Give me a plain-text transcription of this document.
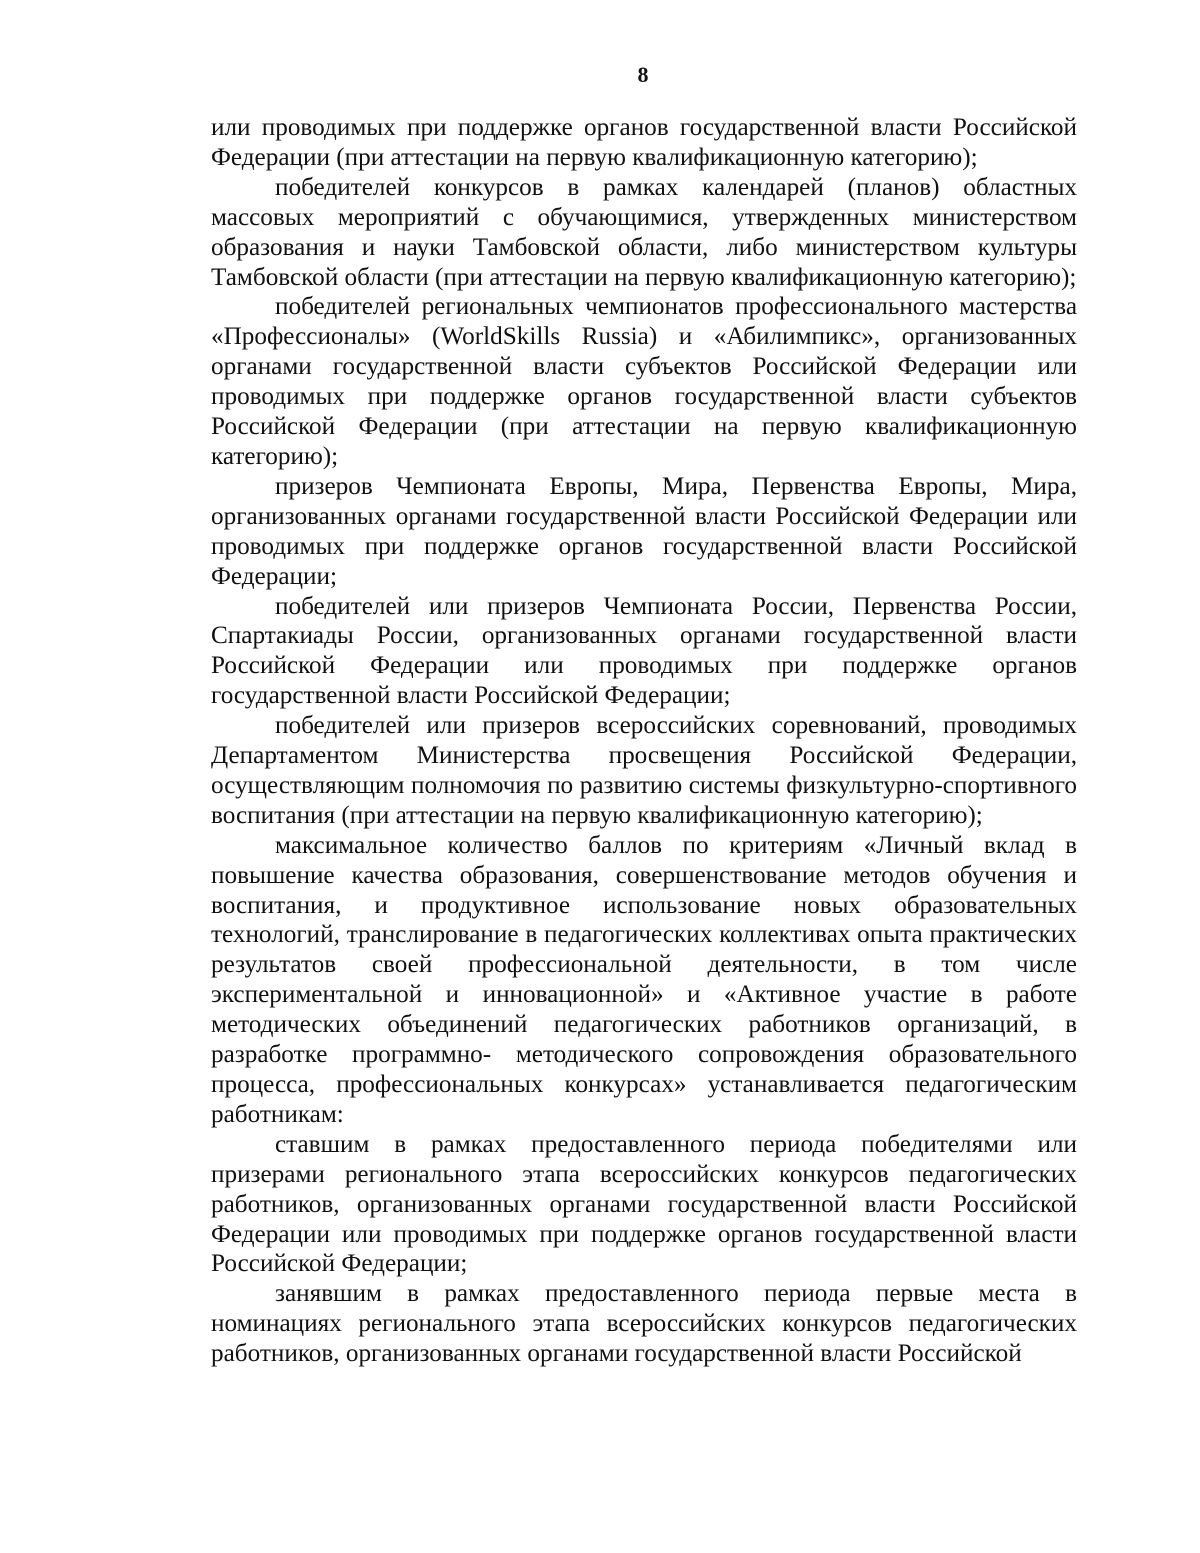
8

или проводимых при поддержке органов государственной власти Российской Федерации (при аттестации на первую квалификационную категорию);

победителей конкурсов в рамках календарей (планов) областных массовых мероприятий с обучающимися, утвержденных министерством образования и науки Тамбовской области, либо министерством культуры Тамбовской области (при аттестации на первую квалификационную категорию);

победителей региональных чемпионатов профессионального мастерства «Профессионалы» (WorldSkills Russia) и «Абилимпикс», организованных органами государственной власти субъектов Российской Федерации или проводимых при поддержке органов государственной власти субъектов Российской Федерации (при аттестации на первую квалификационную категорию);

призеров Чемпионата Европы, Мира, Первенства Европы, Мира, организованных органами государственной власти Российской Федерации или проводимых при поддержке органов государственной власти Российской Федерации;

победителей или призеров Чемпионата России, Первенства России, Спартакиады России, организованных органами государственной власти Российской Федерации или проводимых при поддержке органов государственной власти Российской Федерации;

победителей или призеров всероссийских соревнований, проводимых Департаментом Министерства просвещения Российской Федерации, осуществляющим полномочия по развитию системы физкультурно-спортивного воспитания (при аттестации на первую квалификационную категорию);

максимальное количество баллов по критериям «Личный вклад в повышение качества образования, совершенствование методов обучения и воспитания, и продуктивное использование новых образовательных технологий, транслирование в педагогических коллективах опыта практических результатов своей профессиональной деятельности, в том числе экспериментальной и инновационной» и «Активное участие в работе методических объединений педагогических работников организаций, в разработке программно- методического сопровождения образовательного процесса, профессиональных конкурсах» устанавливается педагогическим работникам:

ставшим в рамках предоставленного периода победителями или призерами регионального этапа всероссийских конкурсов педагогических работников, организованных органами государственной власти Российской Федерации или проводимых при поддержке органов государственной власти Российской Федерации;

занявшим в рамках предоставленного периода первые места в номинациях регионального этапа всероссийских конкурсов педагогических работников, организованных органами государственной власти Российской
